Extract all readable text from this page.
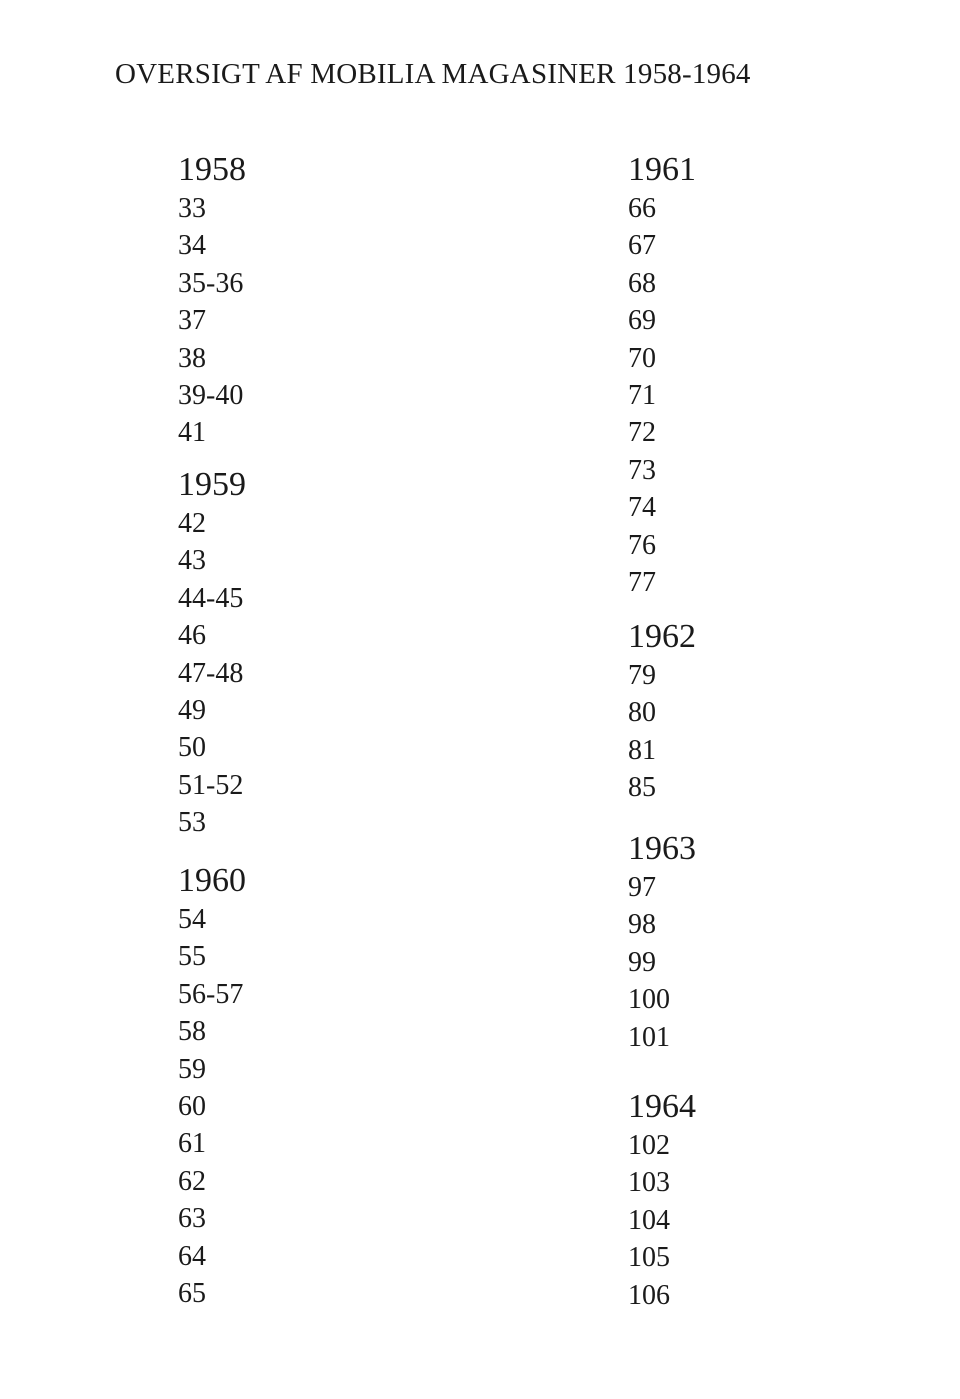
OVERSIGT AF MOBILIA MAGASINER 1958-1964
1958
33
34
35-36
37
38
39-40
41
1959
42
43
44-45
46
47-48
49
50
51-52
53
1960
54
55
56-57
58
59
60
61
62
63
64
65
1961
66
67
68
69
70
71
72
73
74
76
77
1962
79
80
81
85
1963
97
98
99
100
101
1964
102
103
104
105
106
